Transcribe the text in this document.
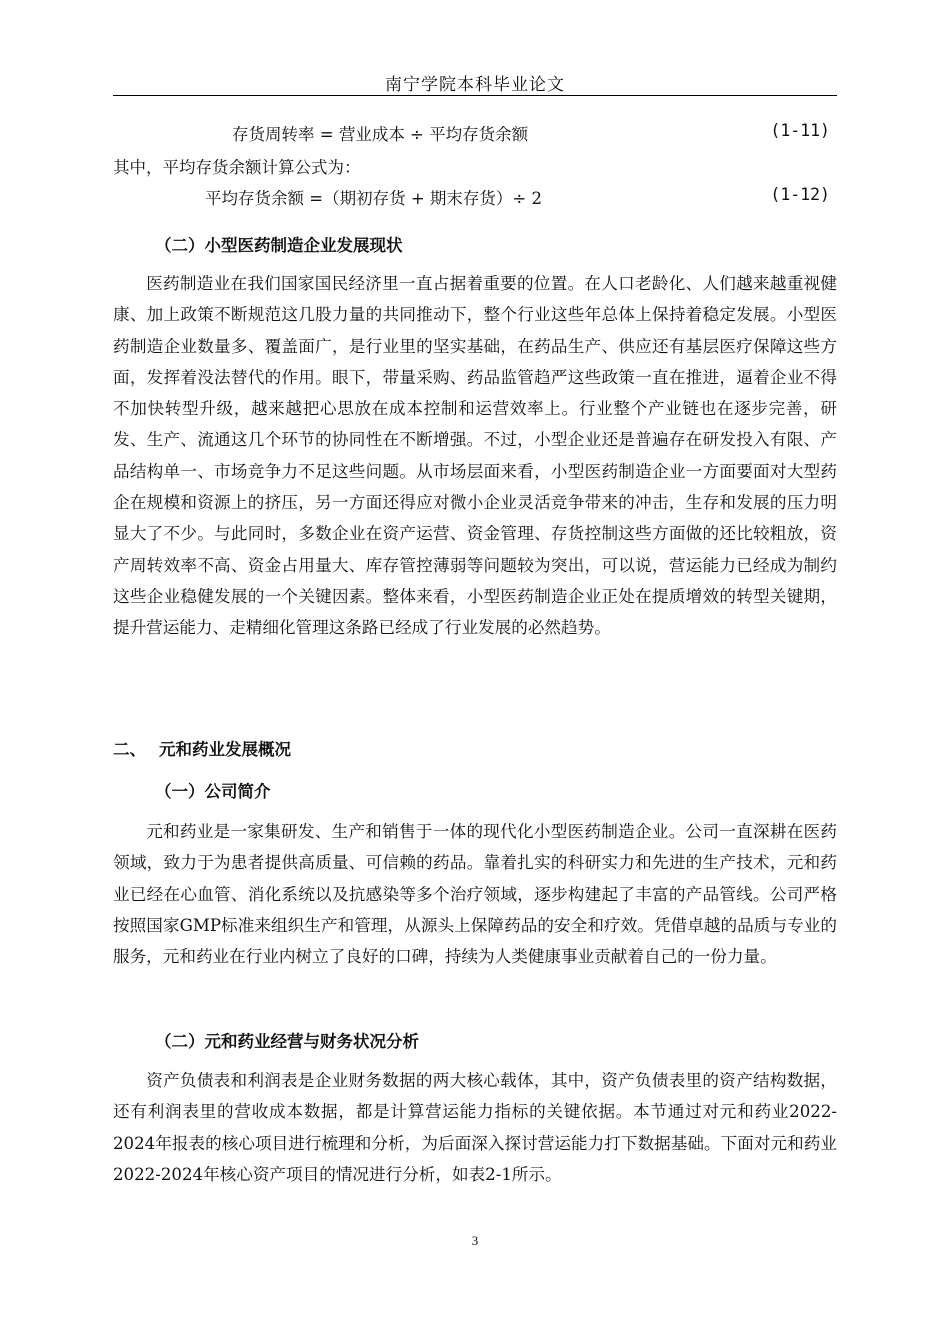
南宁学院本科毕业论文
存货周转率 = 营业成本 ÷ 平均存货余额	(1-11)
其中，平均存货余额计算公式为：
平均存货余额 =（期初存货 + 期末存货）÷ 2	(1-12)
（二）小型医药制造企业发展现状

医药制造业在我们国家国民经济里一直占据着重要的位置。在人口老龄化、人们越来越重视健康、加上政策不断规范这几股力量的共同推动下，整个行业这些年总体上保持着稳定发展。小型医药制造企业数量多、覆盖面广，是行业里的坚实基础，在药品生产、供应还有基层医疗保障这些方面，发挥着没法替代的作用。眼下，带量采购、药品监管趋严这些政策一直在推进，逼着企业不得不加快转型升级，越来越把心思放在成本控制和运营效率上。行业整个产业链也在逐步完善，研发、生产、流通这几个环节的协同性在不断增强。不过，小型企业还是普遍存在研发投入有限、产品结构单一、市场竞争力不足这些问题。从市场层面来看，小型医药制造企业一方面要面对大型药企在规模和资源上的挤压，另一方面还得应对微小企业灵活竞争带来的冲击，生存和发展的压力明显大了不少。与此同时，多数企业在资产运营、资金管理、存货控制这些方面做的还比较粗放，资产周转效率不高、资金占用量大、库存管控薄弱等问题较为突出，可以说，营运能力已经成为制约这些企业稳健发展的一个关键因素。整体来看，小型医药制造企业正处在提质增效的转型关键期，提升营运能力、走精细化管理这条路已经成了行业发展的必然趋势。

二、 元和药业发展概况
（一）公司简介

元和药业是一家集研发、生产和销售于一体的现代化小型医药制造企业。公司一直深耕在医药领域，致力于为患者提供高质量、可信赖的药品。靠着扎实的科研实力和先进的生产技术，元和药业已经在心血管、消化系统以及抗感染等多个治疗领域，逐步构建起了丰富的产品管线。公司严格按照国家GMP标准来组织生产和管理，从源头上保障药品的安全和疗效。凭借卓越的品质与专业的服务，元和药业在行业内树立了良好的口碑，持续为人类健康事业贡献着自己的一份力量。

（二）元和药业经营与财务状况分析

资产负债表和利润表是企业财务数据的两大核心载体，其中，资产负债表里的资产结构数据，还有利润表里的营收成本数据，都是计算营运能力指标的关键依据。本节通过对元和药业2022-2024年报表的核心项目进行梳理和分析，为后面深入探讨营运能力打下数据基础。下面对元和药业2022-2024年核心资产项目的情况进行分析，如表2-1所示。

3
